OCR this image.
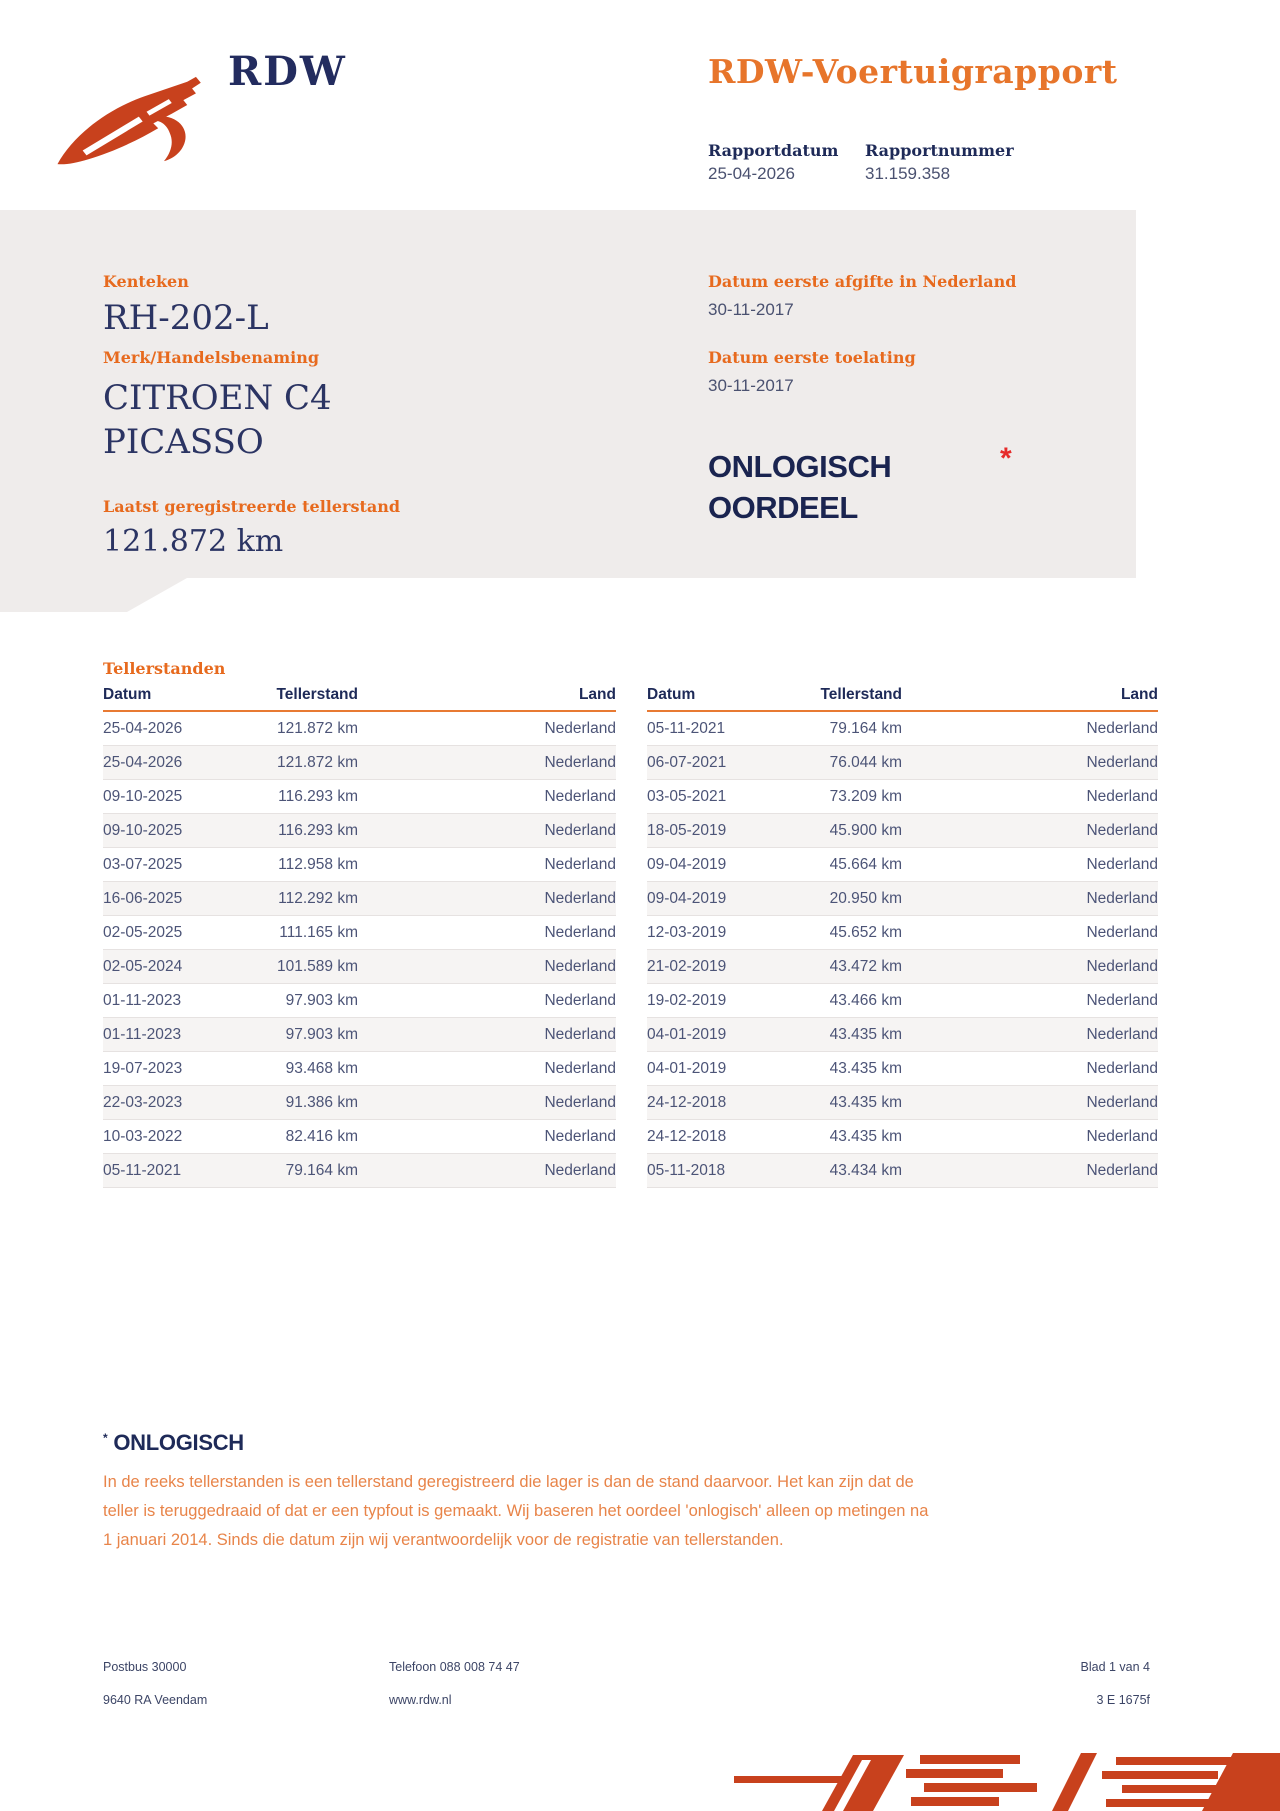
RDW	RDW-Voertuigrapport
Rapportdatum Rapportnummer
25-04-2026	31.159.358
Kenteken
RH-202-L
Merk/Handelsbenaming
CITROEN C4
PICASSO
Laatst geregistreerde tellerstand
121.872 km
Datum eerste afgifte in Nederland
30-11-2017
Datum eerste toelating
30-11-2017
ONLOGISCH
OORDEEL
*
Tellerstanden
Datum	Tellerstand	Land
25-04-2026	121.872 km	Nederland
25-04-2026	121.872 km	Nederland
09-10-2025	116.293 km	Nederland
09-10-2025	116.293 km	Nederland
03-07-2025	112.958 km	Nederland
16-06-2025	112.292 km	Nederland
02-05-2025	111.165 km	Nederland
02-05-2024	101.589 km	Nederland
01-11-2023	97.903 km	Nederland
01-11-2023	97.903 km	Nederland
19-07-2023	93.468 km	Nederland
22-03-2023	91.386 km	Nederland
10-03-2022	82.416 km	Nederland
05-11-2021	79.164 km	Nederland
Datum	Tellerstand	Land
05-11-2021	79.164 km	Nederland
06-07-2021	76.044 km	Nederland
03-05-2021	73.209 km	Nederland
18-05-2019	45.900 km	Nederland
09-04-2019	45.664 km	Nederland
09-04-2019	20.950 km	Nederland
12-03-2019	45.652 km	Nederland
21-02-2019	43.472 km	Nederland
19-02-2019	43.466 km	Nederland
04-01-2019	43.435 km	Nederland
04-01-2019	43.435 km	Nederland
24-12-2018	43.435 km	Nederland
24-12-2018	43.435 km	Nederland
05-11-2018	43.434 km	Nederland
* ONLOGISCH
In de reeks tellerstanden is een tellerstand geregistreerd die lager is dan de stand daarvoor. Het kan zijn dat de
teller is teruggedraaid of dat er een typfout is gemaakt. Wij baseren het oordeel 'onlogisch' alleen op metingen na
1 januari 2014. Sinds die datum zijn wij verantwoordelijk voor de registratie van tellerstanden.
Postbus 30000
9640 RA Veendam
Telefoon 088 008 74 47
www.rdw.nl
Blad 1 van 4
3 E 1675f
